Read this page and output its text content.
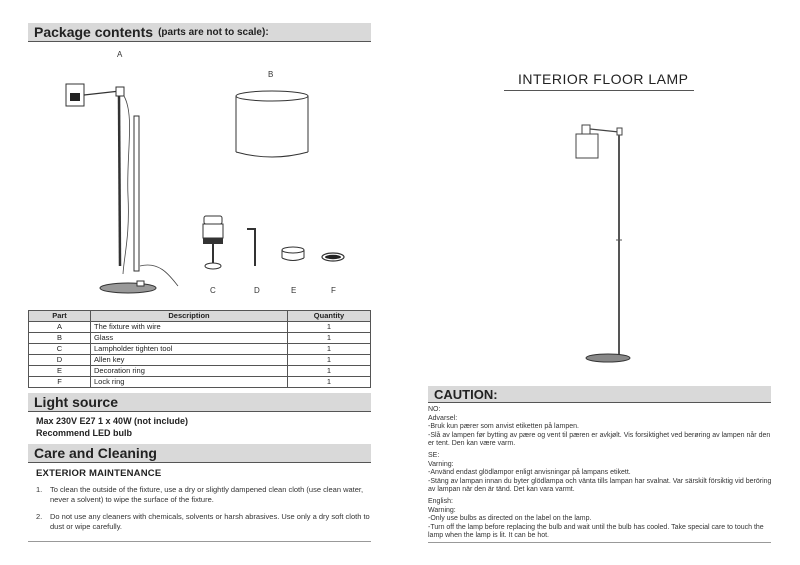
Package contents (parts are not to scale):
A
B
C	D	E	F
Part	Description	Quantity
A	The fixture with wire	1
B	Glass	1
C	Lampholder tighten tool	1
D	Allen key	1
E	Decoration ring	1
F	Lock ring	1
Light source
Max 230V E27 1 x 40W (not include)
Recommend LED bulb
Care and Cleaning
EXTERIOR MAINTENANCE
1. To clean the outside of the fixture, use a dry or slightly dampened clean cloth (use clean water, never a solvent) to wipe the surface of the fixture.
2. Do not use any cleaners with chemicals, solvents or harsh abrasives. Use only a dry soft cloth to dust or wipe carefully.
INTERIOR FLOOR LAMP
CAUTION:
NO:
Advarsel:
-Bruk kun pærer som anvist etiketten på lampen.
-Slå av lampen før bytting av pære og vent til pæren er avkjølt. Vis forsiktighet ved berøring av lampen når den er tent. Den kan være varm.
SE:
Varning:
-Använd endast glödlampor enligt anvisningar på lampans etikett.
-Stäng av lampan innan du byter glödlampa och vänta tills lampan har svalnat. Var särskilt försiktig vid beröring av lampan när den är tänd. Det kan vara varmt.
English:
Warning:
-Only use bulbs as directed on the label on the lamp.
-Turn off the lamp before replacing the bulb and wait until the bulb has cooled. Take special care to touch the lamp when the lamp is lit. It can be hot.
